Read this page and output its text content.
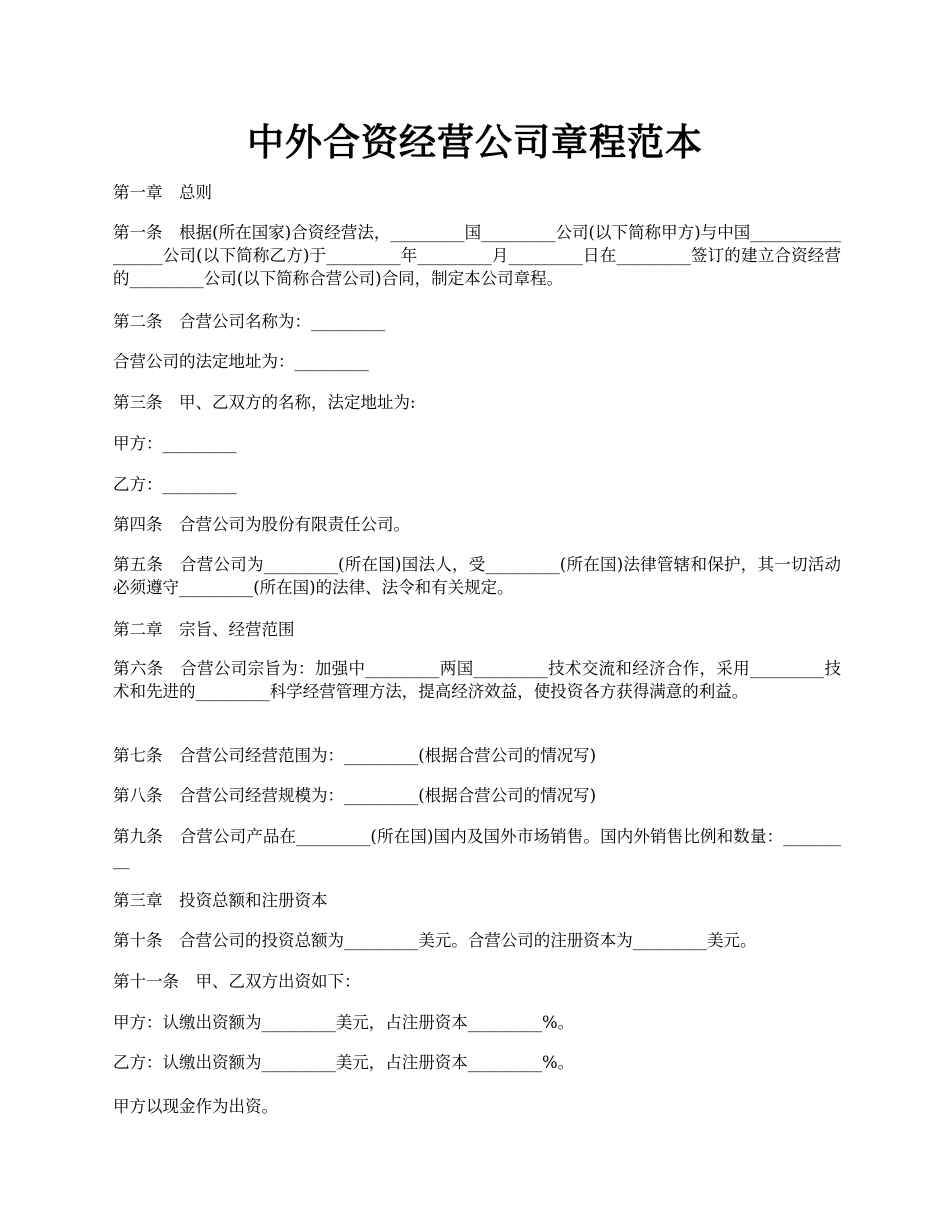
中外合资经营公司章程范本

第一章　总则

第一条　根据(所在国家)合资经营法，_________国_________公司(以下简称甲方)与中国_________________公司(以下简称乙方)于_________年_________月_________日在_________签订的建立合资经营的_________公司(以下简称合营公司)合同，制定本公司章程。

第二条　合营公司名称为：_________

合营公司的法定地址为：_________

第三条　甲、乙双方的名称，法定地址为:

甲方：_________

乙方：_________

第四条　合营公司为股份有限责任公司。

第五条　合营公司为_________(所在国)国法人，受_________(所在国)法律管辖和保护，其一切活动必须遵守_________(所在国)的法律、法令和有关规定。

第二章　宗旨、经营范围

第六条　合营公司宗旨为：加强中_________两国_________技术交流和经济合作，采用_________技术和先进的_________科学经营管理方法，提高经济效益，使投资各方获得满意的利益。

第七条　合营公司经营范围为：_________(根据合营公司的情况写)

第八条　合营公司经营规模为：_________(根据合营公司的情况写)

第九条　合营公司产品在_________(所在国)国内及国外市场销售。国内外销售比例和数量：_________

第三章　投资总额和注册资本

第十条　合营公司的投资总额为_________美元。合营公司的注册资本为_________美元。

第十一条　甲、乙双方出资如下：

甲方：认缴出资额为_________美元，占注册资本_________%。

乙方：认缴出资额为_________美元，占注册资本_________%。

甲方以现金作为出资。
